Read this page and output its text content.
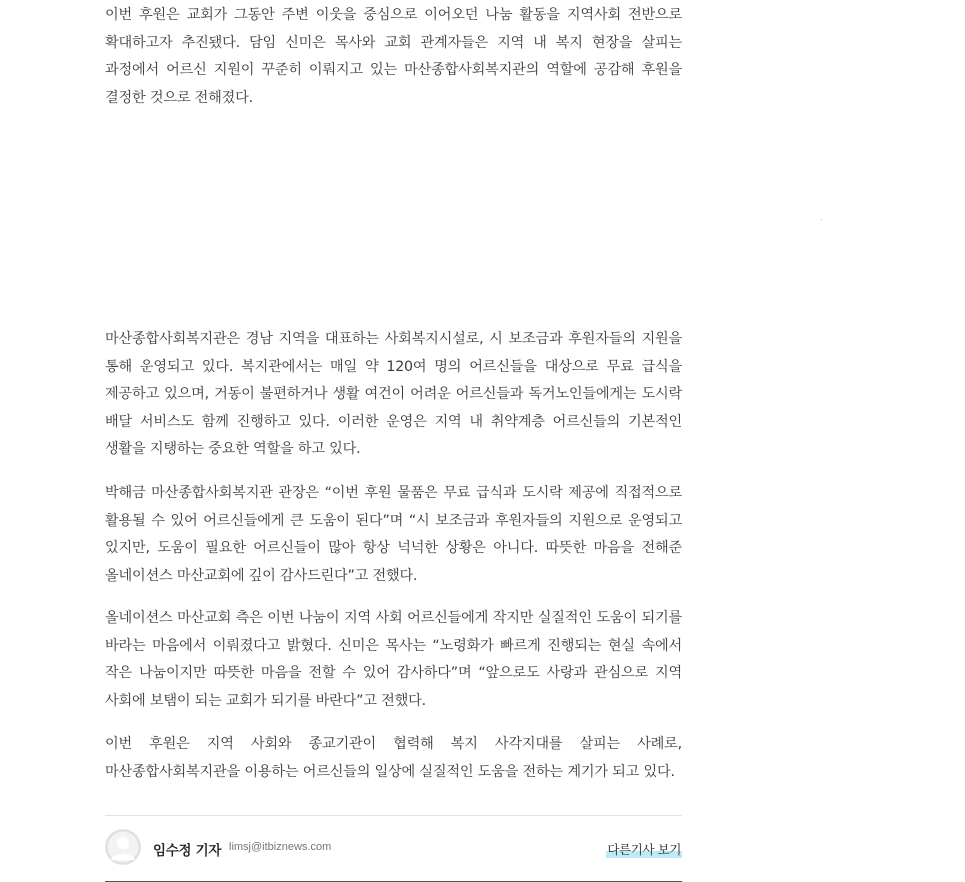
이번 후원은 교회가 그동안 주변 이웃을 중심으로 이어오던 나눔 활동을 지역사회 전반으로 확대하고자 추진됐다. 담임 신미은 목사와 교회 관계자들은 지역 내 복지 현장을 살피는 과정에서 어르신 지원이 꾸준히 이뤄지고 있는 마산종합사회복지관의 역할에 공감해 후원을 결정한 것으로 전해졌다.

마산종합사회복지관은 경남 지역을 대표하는 사회복지시설로, 시 보조금과 후원자들의 지원을 통해 운영되고 있다. 복지관에서는 매일 약 120여 명의 어르신들을 대상으로 무료 급식을 제공하고 있으며, 거동이 불편하거나 생활 여건이 어려운 어르신들과 독거노인들에게는 도시락 배달 서비스도 함께 진행하고 있다. 이러한 운영은 지역 내 취약계층 어르신들의 기본적인 생활을 지탱하는 중요한 역할을 하고 있다.

박해금 마산종합사회복지관 관장은 “이번 후원 물품은 무료 급식과 도시락 제공에 직접적으로 활용될 수 있어 어르신들에게 큰 도움이 된다”며 “시 보조금과 후원자들의 지원으로 운영되고 있지만, 도움이 필요한 어르신들이 많아 항상 넉넉한 상황은 아니다. 따뜻한 마음을 전해준 올네이션스 마산교회에 깊이 감사드린다”고 전했다.

올네이션스 마산교회 측은 이번 나눔이 지역 사회 어르신들에게 작지만 실질적인 도움이 되기를 바라는 마음에서 이뤄졌다고 밝혔다. 신미은 목사는 “노령화가 빠르게 진행되는 현실 속에서 작은 나눔이지만 따뜻한 마음을 전할 수 있어 감사하다”며 “앞으로도 사랑과 관심으로 지역 사회에 보탬이 되는 교회가 되기를 바란다”고 전했다.

이번 후원은 지역 사회와 종교기관이 협력해 복지 사각지대를 살피는 사례로, 마산종합사회복지관을 이용하는 어르신들의 일상에 실질적인 도움을 전하는 계기가 되고 있다.

임수정 기자 limsj@itbiznews.com	다른기사 보기
